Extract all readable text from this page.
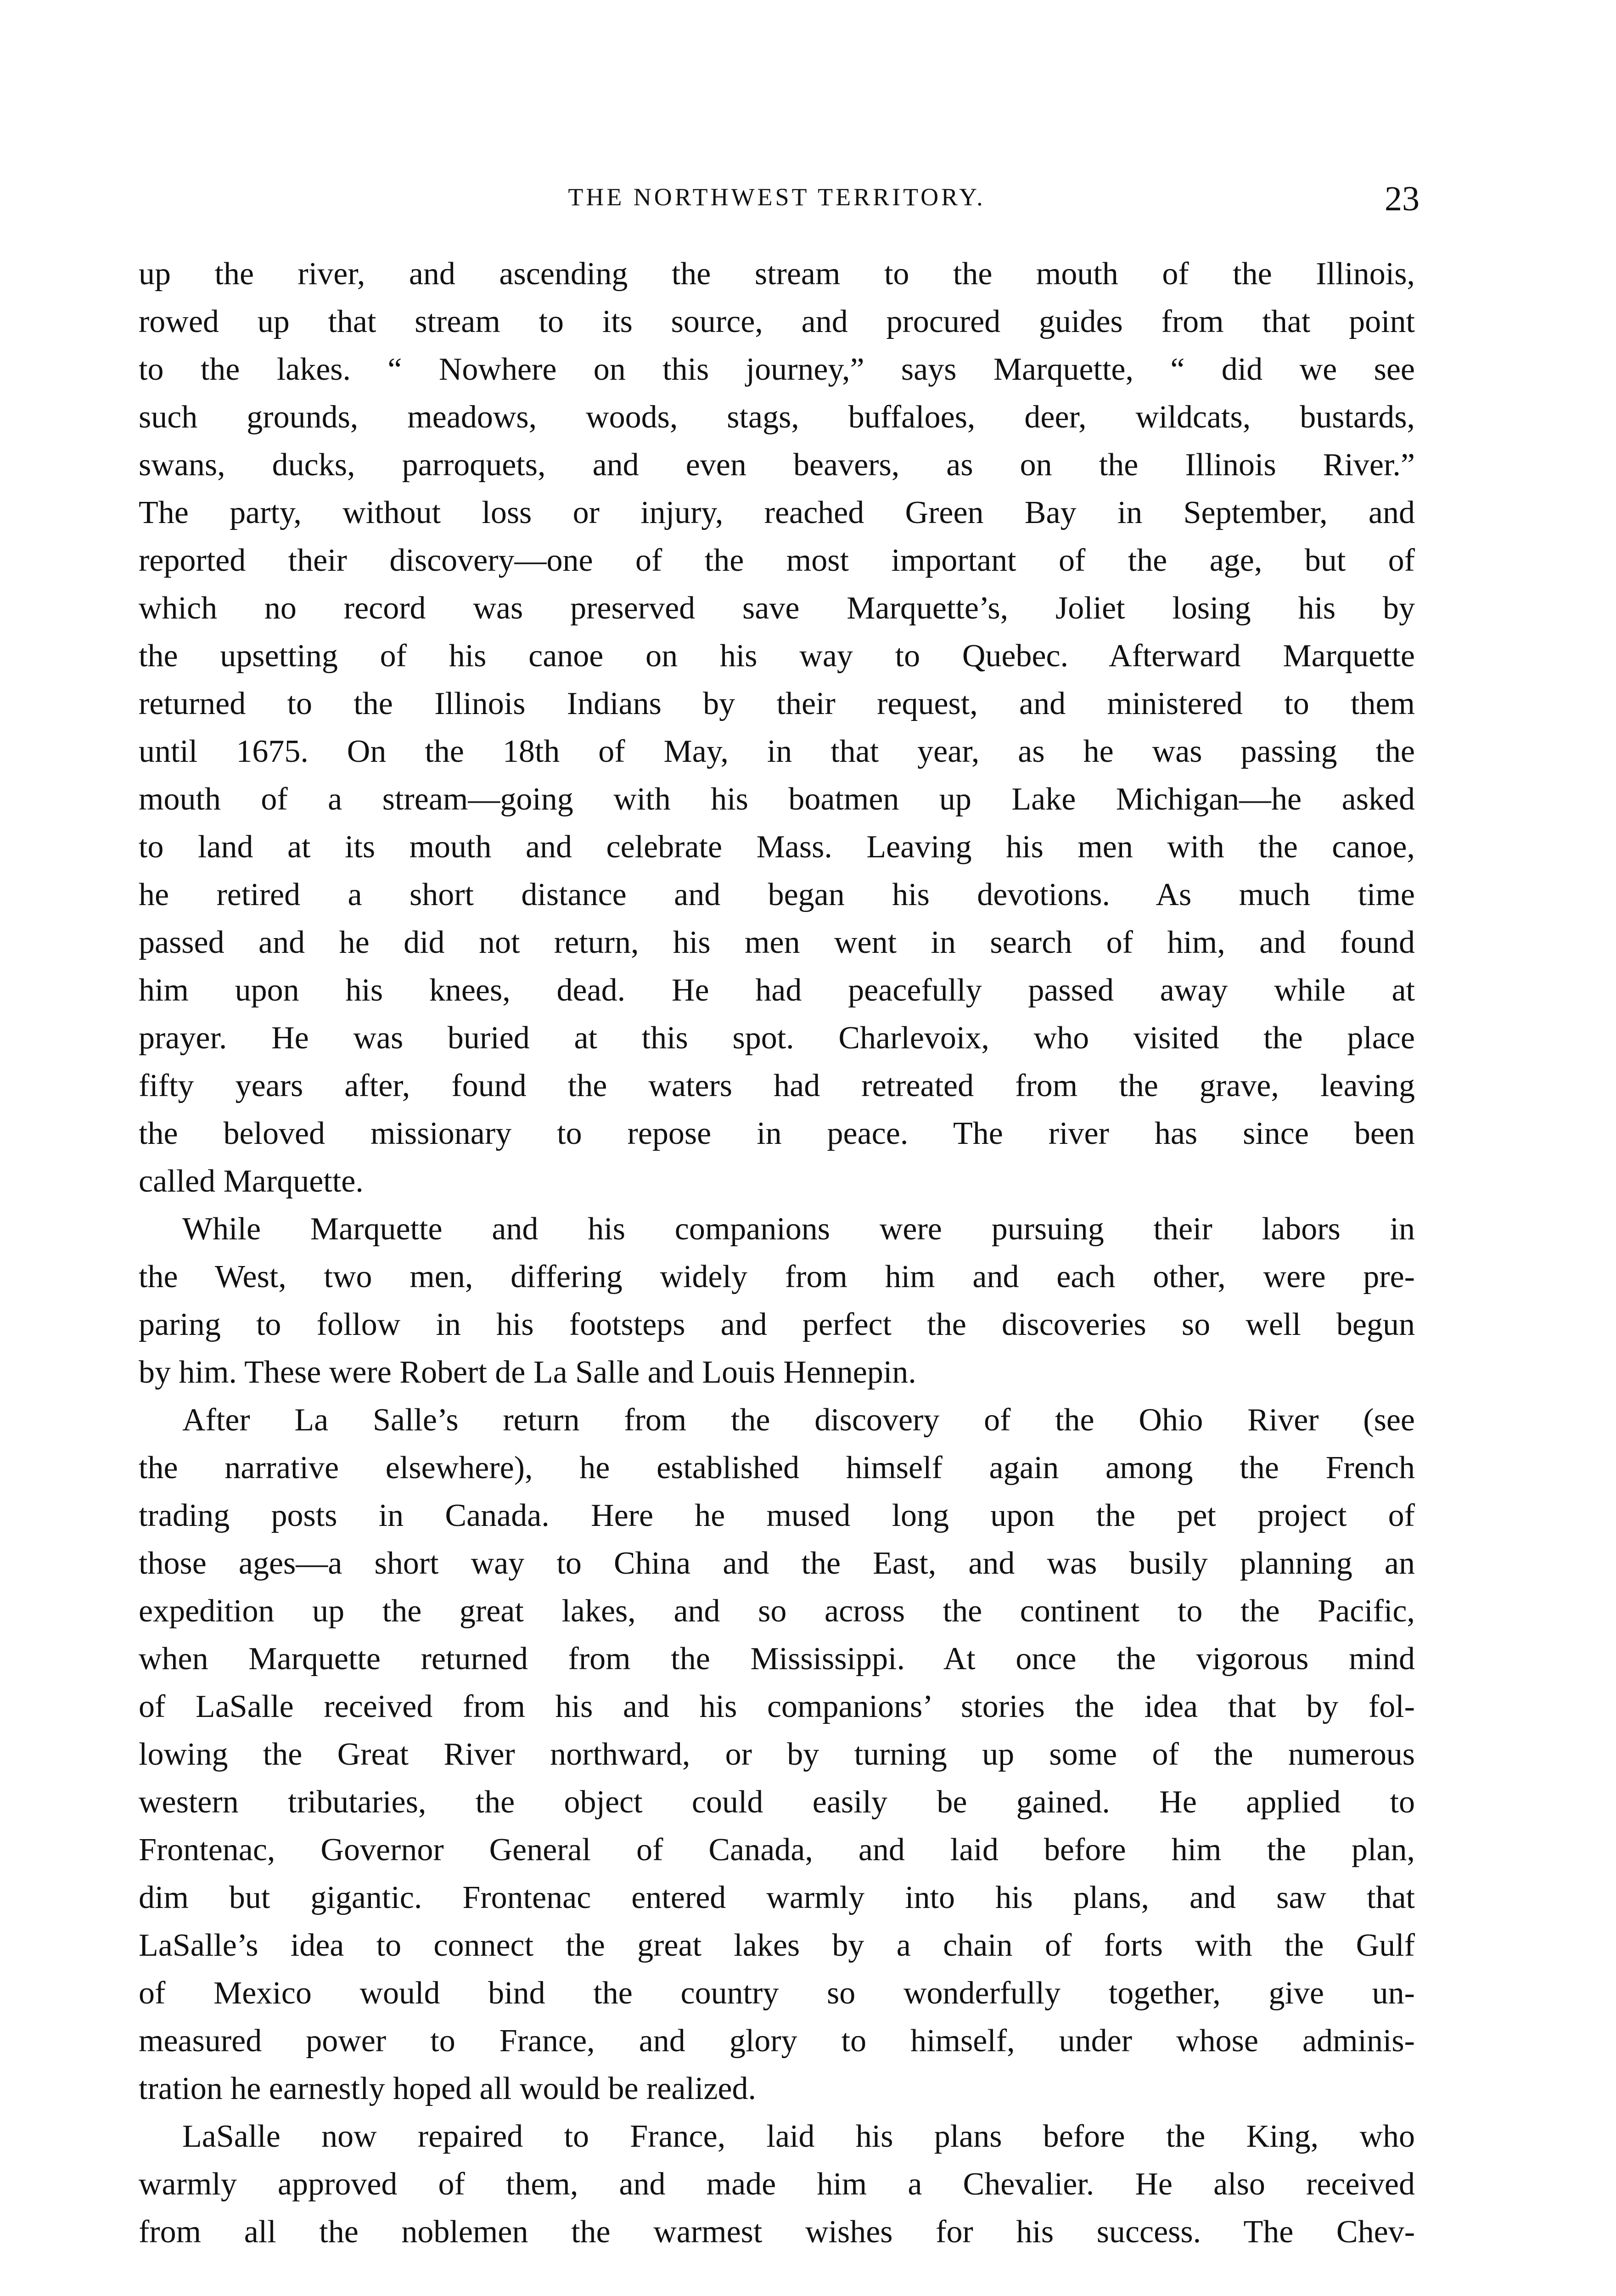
THE NORTHWEST TERRITORY.	23
up the river, and ascending the stream to the mouth of the Illinois,
rowed up that stream to its source, and procured guides from that point
to the lakes. “ Nowhere on this journey,” says Marquette, “ did we see
such grounds, meadows, woods, stags, buffaloes, deer, wildcats, bustards,
swans, ducks, parroquets, and even beavers, as on the Illinois River.”
The party, without loss or injury, reached Green Bay in September, and
reported their discovery—one of the most important of the age, but of
which no record was preserved save Marquette’s, Joliet losing his by
the upsetting of his canoe on his way to Quebec. Afterward Marquette
returned to the Illinois Indians by their request, and ministered to them
until 1675. On the 18th of May, in that year, as he was passing the
mouth of a stream—going with his boatmen up Lake Michigan—he asked
to land at its mouth and celebrate Mass. Leaving his men with the canoe,
he retired a short distance and began his devotions. As much time
passed and he did not return, his men went in search of him, and found
him upon his knees, dead. He had peacefully passed away while at
prayer. He was buried at this spot. Charlevoix, who visited the place
fifty years after, found the waters had retreated from the grave, leaving
the beloved missionary to repose in peace. The river has since been
called Marquette.
While Marquette and his companions were pursuing their labors in
the West, two men, differing widely from him and each other, were pre-
paring to follow in his footsteps and perfect the discoveries so well begun
by him. These were Robert de La Salle and Louis Hennepin.
After La Salle’s return from the discovery of the Ohio River (see
the narrative elsewhere), he established himself again among the French
trading posts in Canada. Here he mused long upon the pet project of
those ages—a short way to China and the East, and was busily planning an
expedition up the great lakes, and so across the continent to the Pacific,
when Marquette returned from the Mississippi. At once the vigorous mind
of LaSalle received from his and his companions’ stories the idea that by fol-
lowing the Great River northward, or by turning up some of the numerous
western tributaries, the object could easily be gained. He applied to
Frontenac, Governor General of Canada, and laid before him the plan,
dim but gigantic. Frontenac entered warmly into his plans, and saw that
LaSalle’s idea to connect the great lakes by a chain of forts with the Gulf
of Mexico would bind the country so wonderfully together, give un-
measured power to France, and glory to himself, under whose adminis-
tration he earnestly hoped all would be realized.
LaSalle now repaired to France, laid his plans before the King, who
warmly approved of them, and made him a Chevalier. He also received
from all the noblemen the warmest wishes for his success. The Chev-
